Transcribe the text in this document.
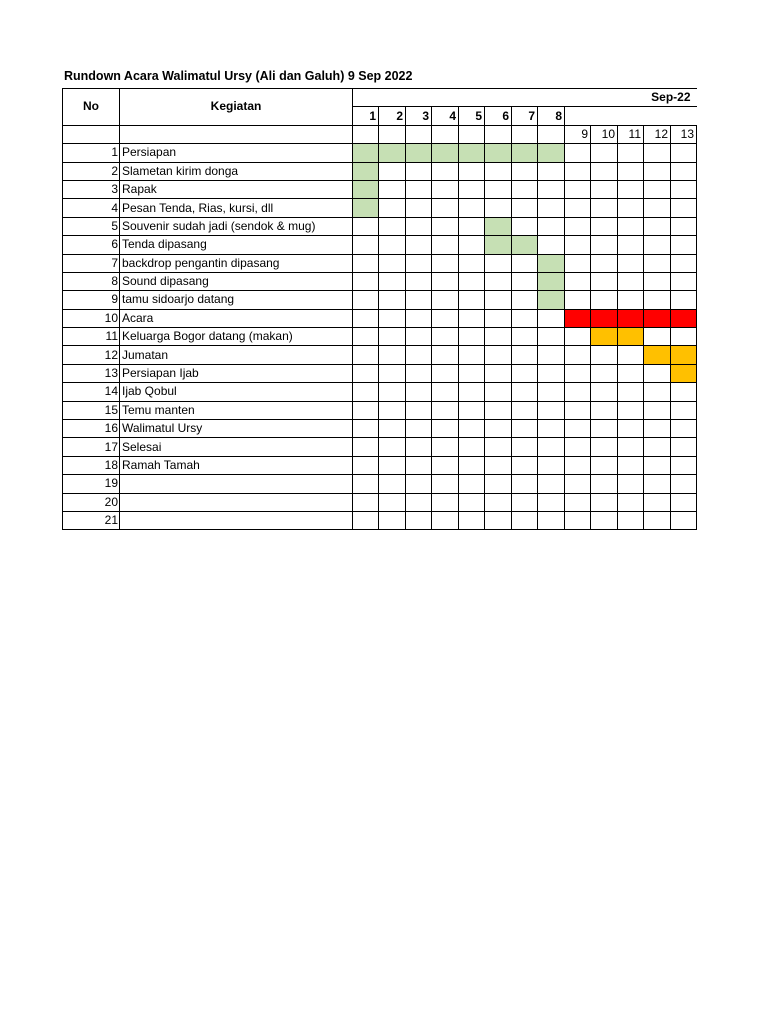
Rundown Acara Walimatul Ursy (Ali dan Galuh) 9 Sep 2022
No	Kegiatan	Sep-22												
		1	2	3	4	5	6	7	8					
										9	10	11	12	13
1	Persiapan													
2	Slametan kirim donga													
3	Rapak													
4	Pesan Tenda, Rias, kursi, dll													
5	Souvenir sudah jadi (sendok & mug)													
6	Tenda dipasang													
7	backdrop pengantin dipasang													
8	Sound dipasang													
9	tamu sidoarjo datang													
10	Acara													
11	Keluarga Bogor datang (makan)													
12	Jumatan													
13	Persiapan Ijab													
14	Ijab Qobul													
15	Temu manten													
16	Walimatul Ursy													
17	Selesai													
18	Ramah Tamah													
19														
20														
21														
